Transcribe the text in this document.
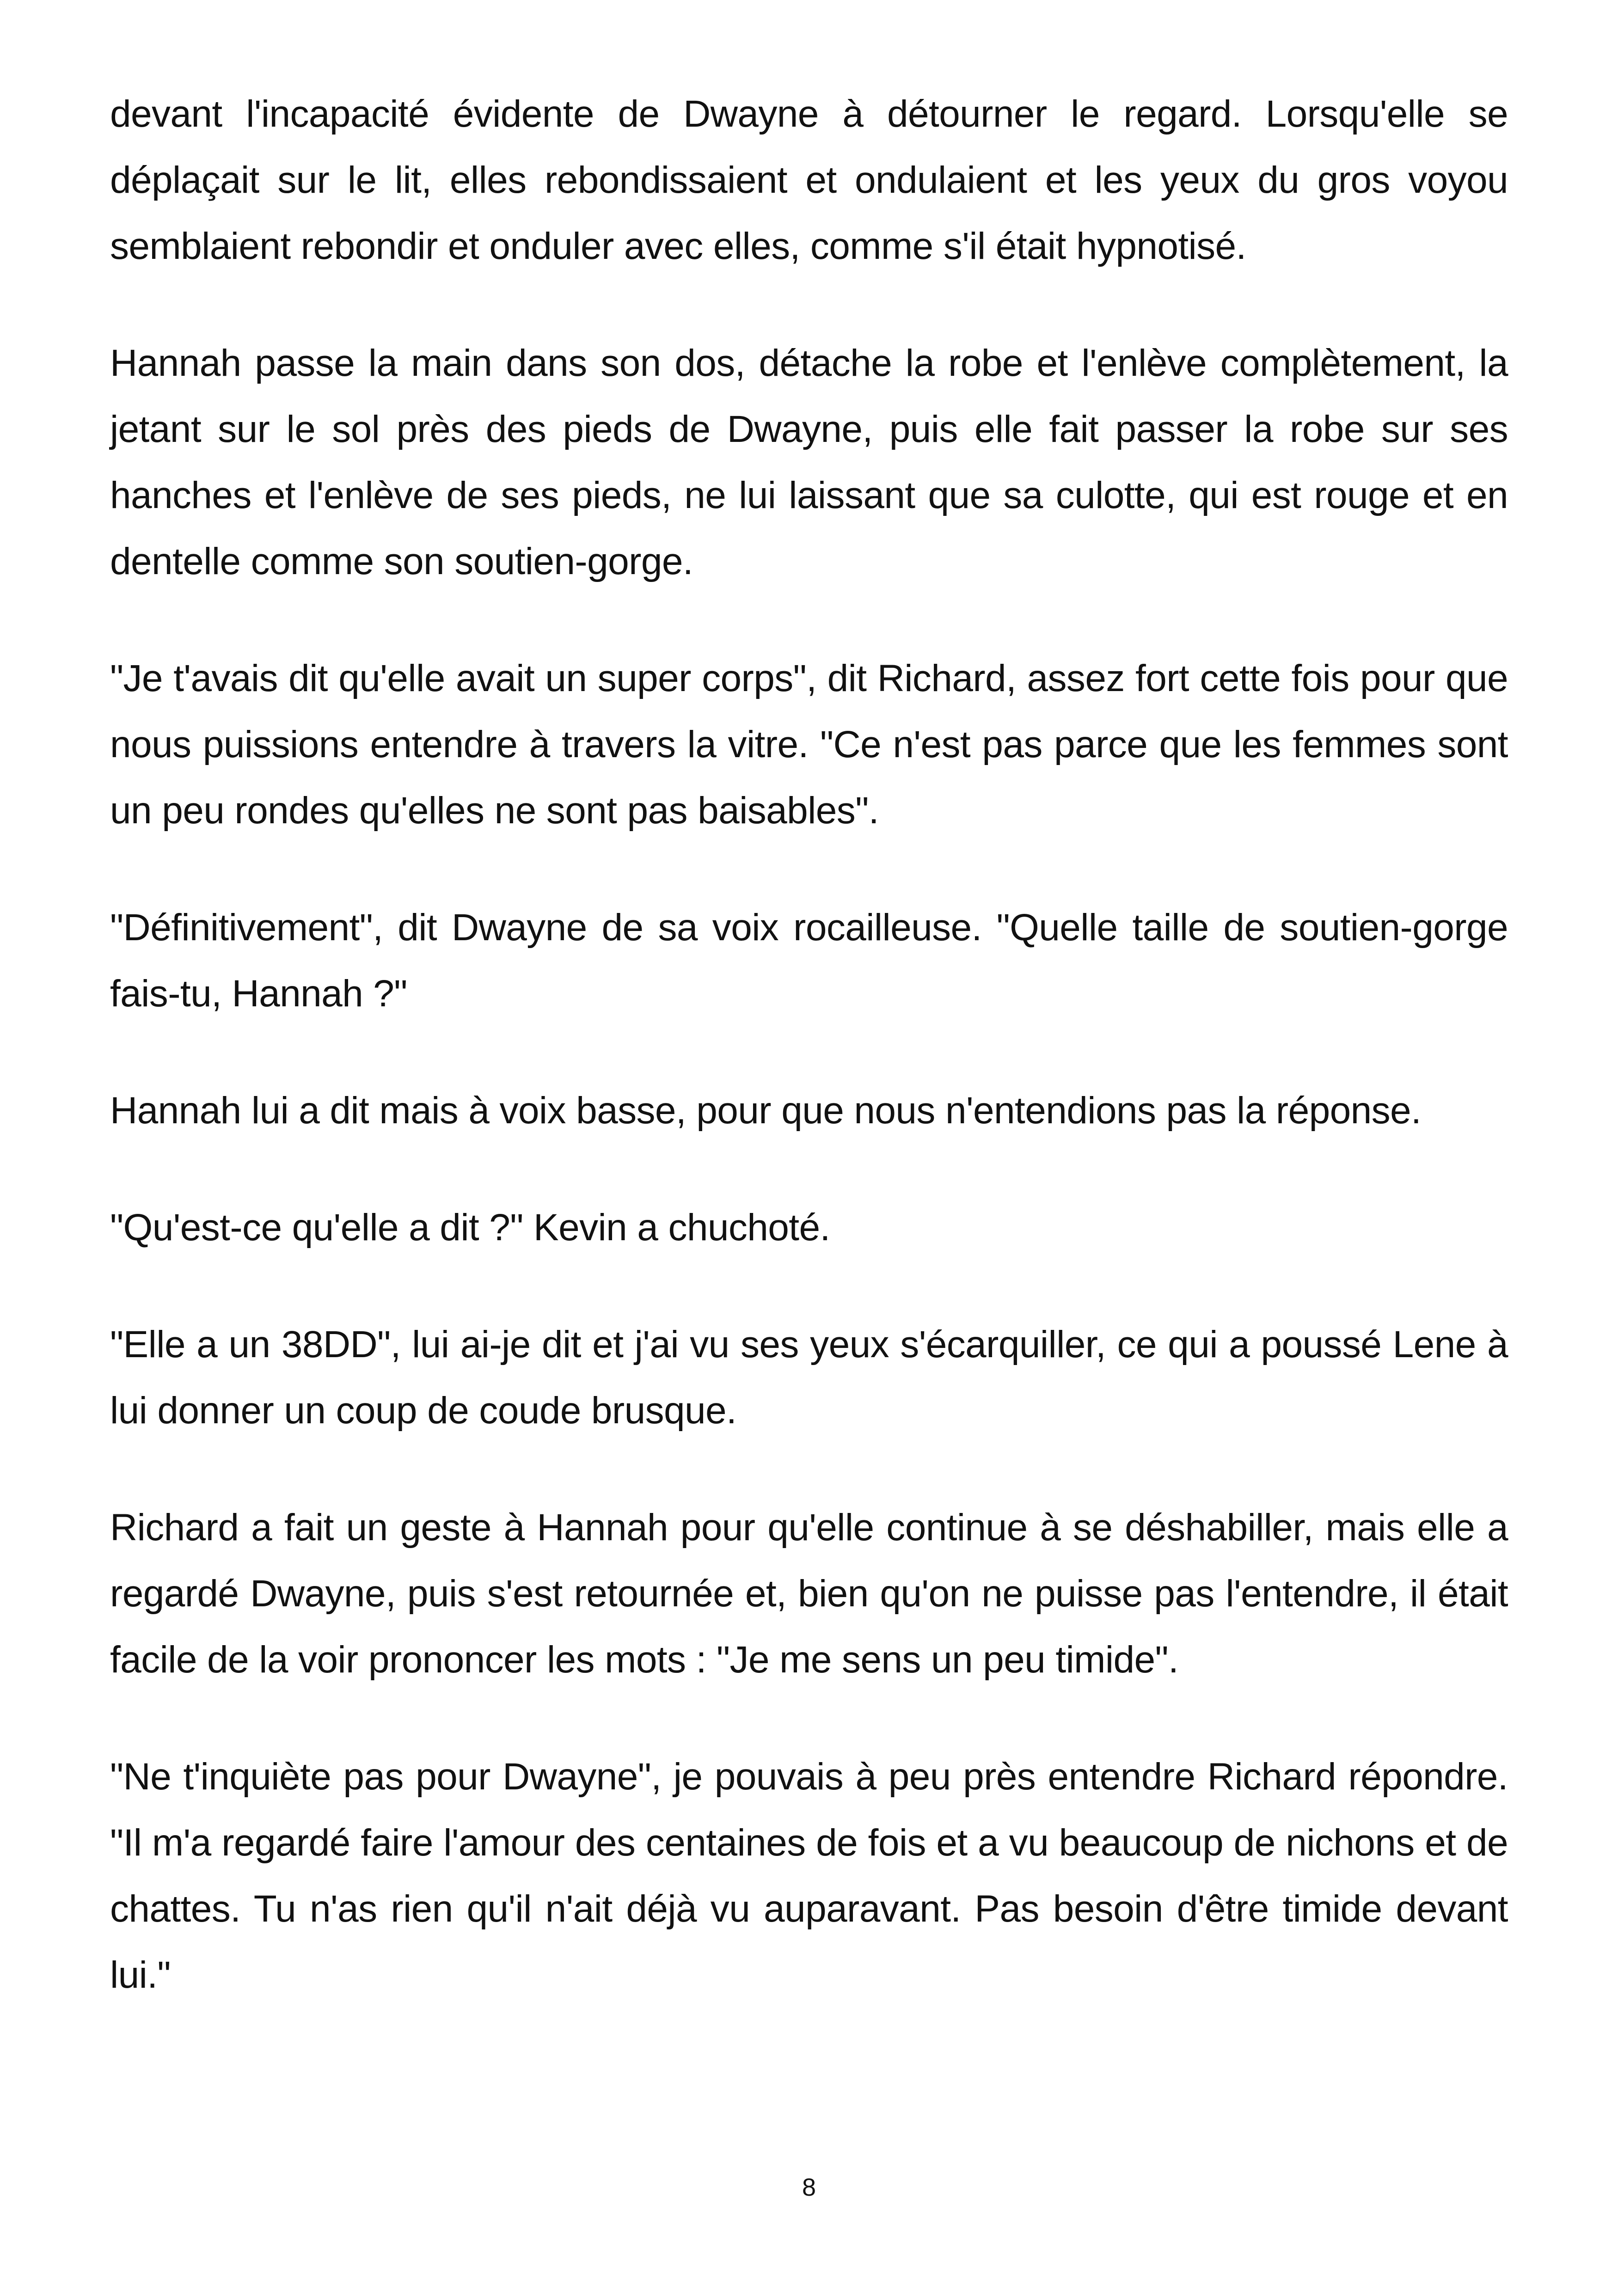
devant l'incapacité évidente de Dwayne à détourner le regard. Lorsqu'elle se déplaçait sur le lit, elles rebondissaient et ondulaient et les yeux du gros voyou semblaient rebondir et onduler avec elles, comme s'il était hypnotisé.

Hannah passe la main dans son dos, détache la robe et l'enlève complètement, la jetant sur le sol près des pieds de Dwayne, puis elle fait passer la robe sur ses hanches et l'enlève de ses pieds, ne lui laissant que sa culotte, qui est rouge et en dentelle comme son soutien-gorge.

"Je t'avais dit qu'elle avait un super corps", dit Richard, assez fort cette fois pour que nous puissions entendre à travers la vitre. "Ce n'est pas parce que les femmes sont un peu rondes qu'elles ne sont pas baisables".

"Définitivement", dit Dwayne de sa voix rocailleuse. "Quelle taille de soutien-gorge fais-tu, Hannah ?"

Hannah lui a dit mais à voix basse, pour que nous n'entendions pas la réponse.

"Qu'est-ce qu'elle a dit ?" Kevin a chuchoté.

"Elle a un 38DD", lui ai-je dit et j'ai vu ses yeux s'écarquiller, ce qui a poussé Lene à lui donner un coup de coude brusque.

Richard a fait un geste à Hannah pour qu'elle continue à se déshabiller, mais elle a regardé Dwayne, puis s'est retournée et, bien qu'on ne puisse pas l'entendre, il était facile de la voir prononcer les mots : "Je me sens un peu timide".

"Ne t'inquiète pas pour Dwayne", je pouvais à peu près entendre Richard répondre. "Il m'a regardé faire l'amour des centaines de fois et a vu beaucoup de nichons et de chattes. Tu n'as rien qu'il n'ait déjà vu auparavant. Pas besoin d'être timide devant lui."

8
